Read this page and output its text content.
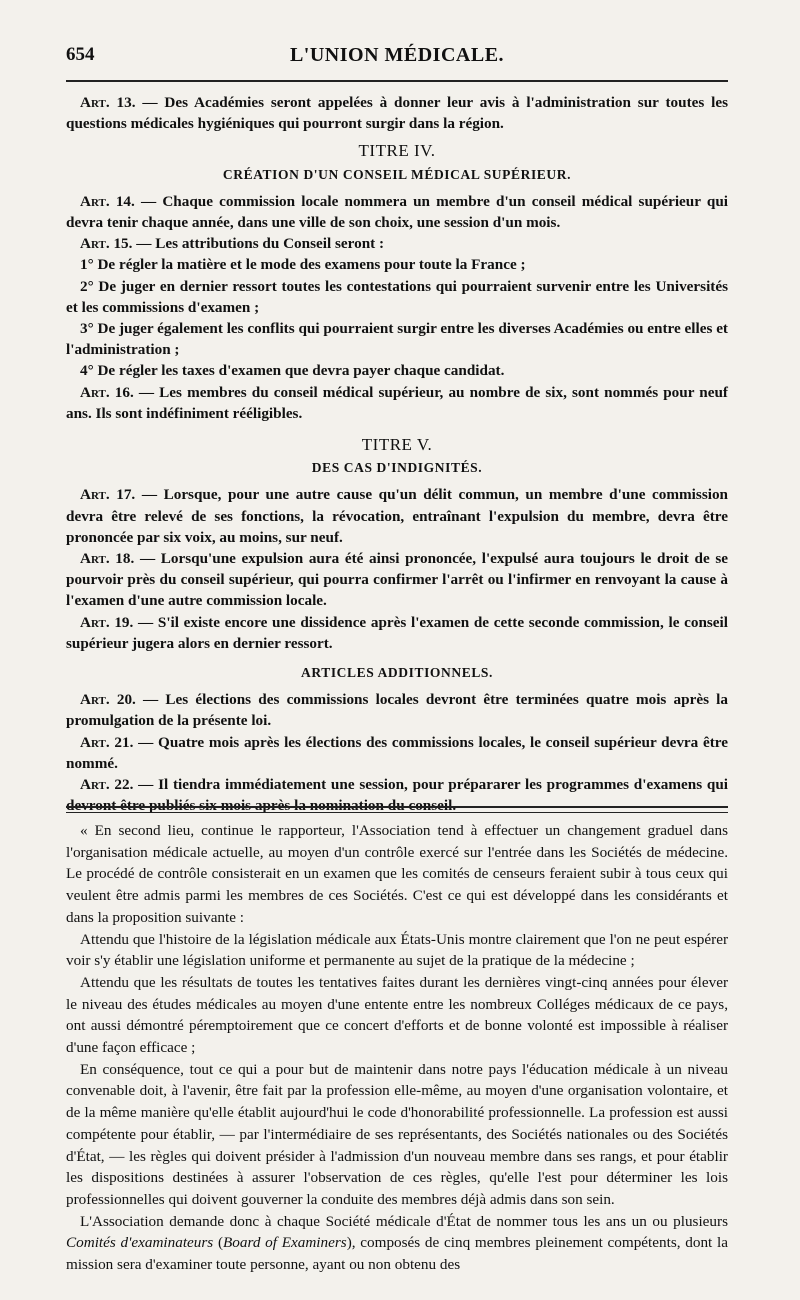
654	L'UNION MÉDICALE.

Art. 13. — Des Académies seront appelées à donner leur avis à l'administration sur toutes les questions médicales hygiéniques qui pourront surgir dans la région.

TITRE IV.
CRÉATION D'UN CONSEIL MÉDICAL SUPÉRIEUR.

Art. 14. — Chaque commission locale nommera un membre d'un conseil médical supérieur qui devra tenir chaque année, dans une ville de son choix, une session d'un mois.

Art. 15. — Les attributions du Conseil seront :

1° De régler la matière et le mode des examens pour toute la France ;

2° De juger en dernier ressort toutes les contestations qui pourraient survenir entre les Universités et les commissions d'examen ;

3° De juger également les conflits qui pourraient surgir entre les diverses Académies ou entre elles et l'administration ;

4° De régler les taxes d'examen que devra payer chaque candidat.

Art. 16. — Les membres du conseil médical supérieur, au nombre de six, sont nommés pour neuf ans. Ils sont indéfiniment rééligibles.

TITRE V.
DES CAS D'INDIGNITÉS.

Art. 17. — Lorsque, pour une autre cause qu'un délit commun, un membre d'une commission devra être relevé de ses fonctions, la révocation, entraînant l'expulsion du membre, devra être prononcée par six voix, au moins, sur neuf.

Art. 18. — Lorsqu'une expulsion aura été ainsi prononcée, l'expulsé aura toujours le droit de se pourvoir près du conseil supérieur, qui pourra confirmer l'arrêt ou l'infirmer en renvoyant la cause à l'examen d'une autre commission locale.

Art. 19. — S'il existe encore une dissidence après l'examen de cette seconde commission, le conseil supérieur jugera alors en dernier ressort.

ARTICLES ADDITIONNELS.

Art. 20. — Les élections des commissions locales devront être terminées quatre mois après la promulgation de la présente loi.

Art. 21. — Quatre mois après les élections des commissions locales, le conseil supérieur devra être nommé.

Art. 22. — Il tiendra immédiatement une session, pour prépararer les programmes d'examens qui devront être publiés six mois après la nomination du conseil.

« En second lieu, continue le rapporteur, l'Association tend à effectuer un changement graduel dans l'organisation médicale actuelle, au moyen d'un contrôle exercé sur l'entrée dans les Sociétés de médecine. Le procédé de contrôle consisterait en un examen que les comités de censeurs feraient subir à tous ceux qui veulent être admis parmi les membres de ces Sociétés. C'est ce qui est développé dans les considérants et dans la proposition suivante :

Attendu que l'histoire de la législation médicale aux États-Unis montre clairement que l'on ne peut espérer voir s'y établir une législation uniforme et permanente au sujet de la pratique de la médecine ;

Attendu que les résultats de toutes les tentatives faites durant les dernières vingt-cinq années pour élever le niveau des études médicales au moyen d'une entente entre les nombreux Colléges médicaux de ce pays, ont aussi démontré péremptoirement que ce concert d'efforts et de bonne volonté est impossible à réaliser d'une façon efficace ;

En conséquence, tout ce qui a pour but de maintenir dans notre pays l'éducation médicale à un niveau convenable doit, à l'avenir, être fait par la profession elle-même, au moyen d'une organisation volontaire, et de la même manière qu'elle établit aujourd'hui le code d'honorabilité professionnelle. La profession est aussi compétente pour établir, — par l'intermédiaire de ses représentants, des Sociétés nationales ou des Sociétés d'État, — les règles qui doivent présider à l'admission d'un nouveau membre dans ses rangs, et pour établir les dispositions destinées à assurer l'observation de ces règles, qu'elle l'est pour déterminer les lois professionnelles qui doivent gouverner la conduite des membres déjà admis dans son sein.

L'Association demande donc à chaque Société médicale d'État de nommer tous les ans un ou plusieurs Comités d'examinateurs (Board of Examiners), composés de cinq membres pleinement compétents, dont la mission sera d'examiner toute personne, ayant ou non obtenu des
